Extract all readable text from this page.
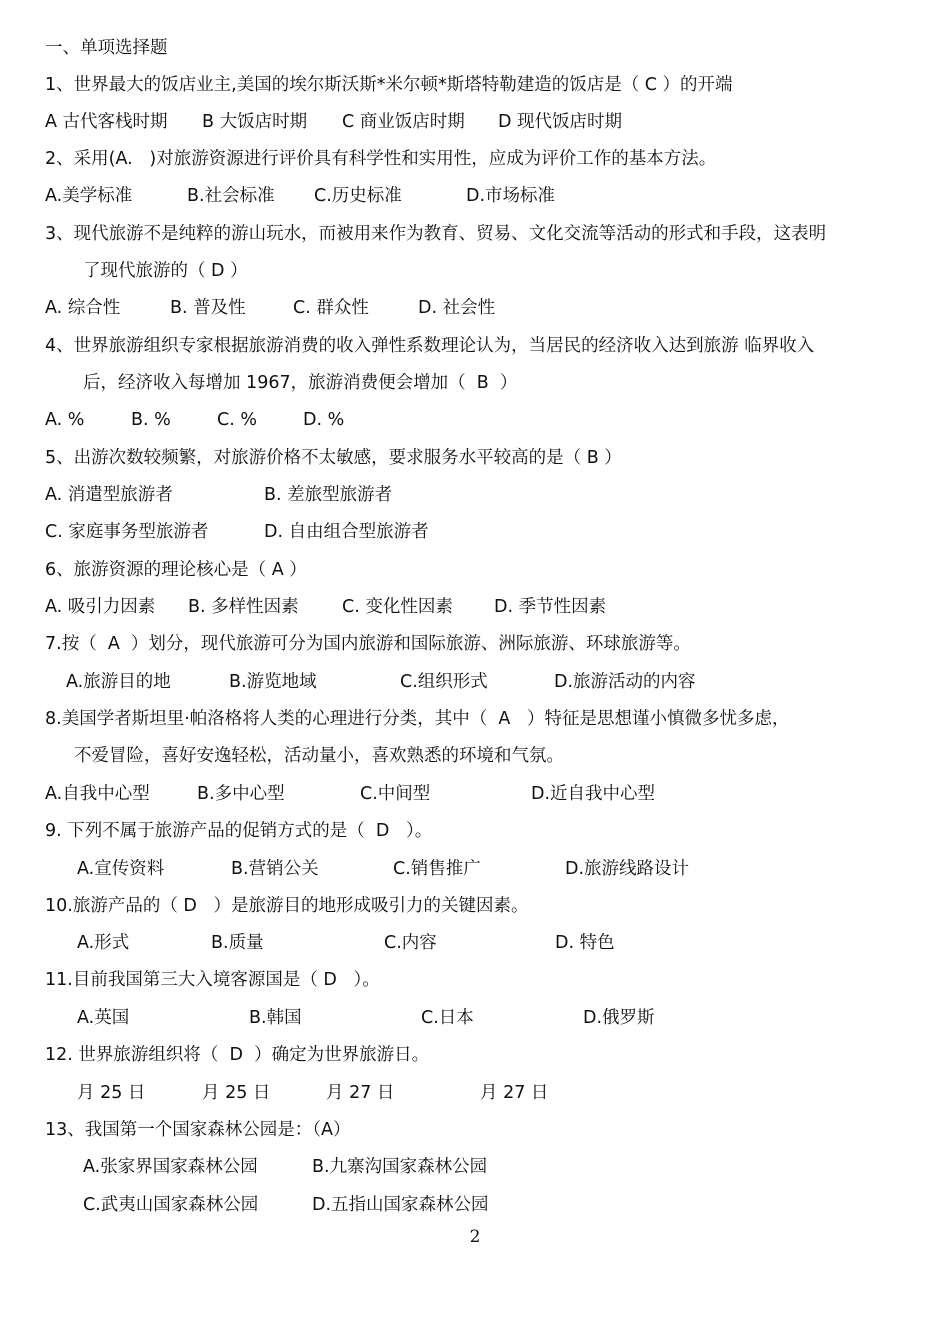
一、单项选择题
1、世界最大的饭店业主,美国的埃尔斯沃斯*米尔顿*斯塔特勒建造的饭店是（ C ）的开端
A 古代客栈时期 B 大饭店时期 C 商业饭店时期 D 现代饭店时期
2、采用(A.   )对旅游资源进行评价具有科学性和实用性，应成为评价工作的基本方法。
A.美学标准	B.社会标准 C.历史标准	D.市场标准
3、现代旅游不是纯粹的游山玩水，而被用来作为教育、贸易、文化交流等活动的形式和手段，这表明
了现代旅游的（ D ）
A. 综合性	B. 普及性	C. 群众性	D. 社会性
4、世界旅游组织专家根据旅游消费的收入弹性系数理论认为，当居民的经济收入达到旅游 临界收入
后，经济收入每增加 1967，旅游消费便会增加（  B  ）
A. %	B. %	C. %	D. %
5、出游次数较频繁，对旅游价格不太敏感，要求服务水平较高的是（ B ）
A. 消遣型旅游者	B. 差旅型旅游者
C. 家庭事务型旅游者	D. 自由组合型旅游者
6、旅游资源的理论核心是（ A ）
A. 吸引力因素 B. 多样性因素 C. 变化性因素 D. 季节性因素
7.按（  A  ）划分，现代旅游可分为国内旅游和国际旅游、洲际旅游、环球旅游等。
A.旅游目的地	B.游览地域	C.组织形式	D.旅游活动的内容
8.美国学者斯坦里·帕洛格将人类的心理进行分类，其中（  A   ）特征是思想谨小慎微多忧多虑，
不爱冒险，喜好安逸轻松，活动量小，喜欢熟悉的环境和气氛。
A.自我中心型	B.多中心型	C.中间型	D.近自我中心型
9. 下列不属于旅游产品的促销方式的是（  D   ）。
A.宣传资料	B.营销公关	C.销售推广	D.旅游线路设计
10.旅游产品的（ D   ）是旅游目的地形成吸引力的关键因素。
A.形式	B.质量	C.内容	D. 特色
11.目前我国第三大入境客源国是（ D   ）。
A.英国	B.韩国	C.日本	D.俄罗斯
12. 世界旅游组织将（  D  ）确定为世界旅游日。
月 25 日	月 25 日	月 27 日	月 27 日
13、我国第一个国家森林公园是：（A）
A.张家界国家森林公园	B.九寨沟国家森林公园
C.武夷山国家森林公园	D.五指山国家森林公园
2
